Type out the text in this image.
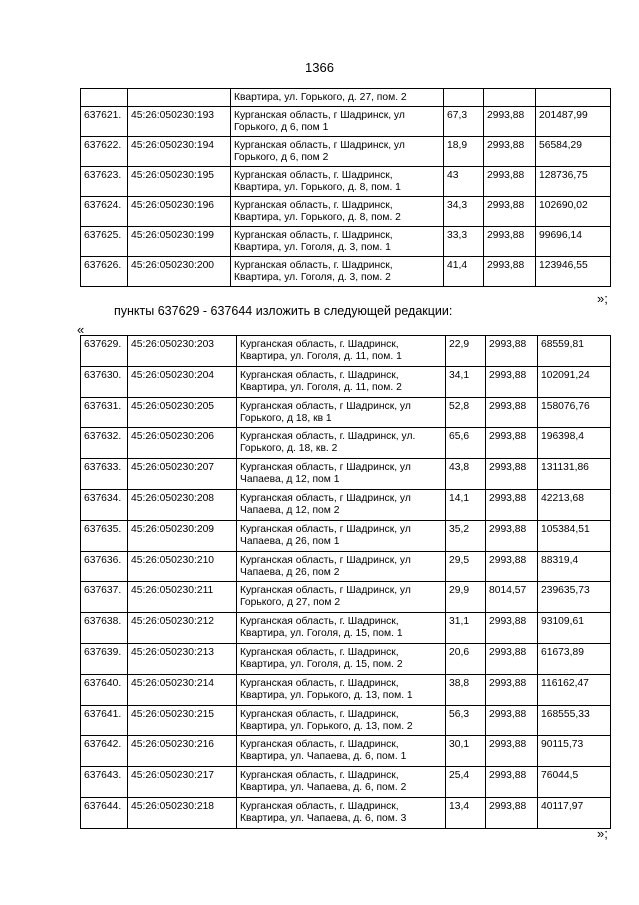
1366
		Квартира, ул. Горького, д. 27, пом. 2			
637621.	45:26:050230:193	Курганская область, г Шадринск, ул Горького, д 6, пом 1	67,3	2993,88	201487,99
637622.	45:26:050230:194	Курганская область, г Шадринск, ул Горького, д 6, пом 2	18,9	2993,88	56584,29
637623.	45:26:050230:195	Курганская область, г. Шадринск, Квартира, ул. Горького, д. 8, пом. 1	43	2993,88	128736,75
637624.	45:26:050230:196	Курганская область, г. Шадринск, Квартира, ул. Горького, д. 8, пом. 2	34,3	2993,88	102690,02
637625.	45:26:050230:199	Курганская область, г. Шадринск, Квартира, ул. Гоголя, д. 3, пом. 1	33,3	2993,88	99696,14
637626.	45:26:050230:200	Курганская область, г. Шадринск, Квартира, ул. Гоголя, д. 3, пом. 2	41,4	2993,88	123946,55
»;
пункты 637629 - 637644 изложить в следующей редакции:
«
637629.	45:26:050230:203	Курганская область, г. Шадринск, Квартира, ул. Гоголя, д. 11, пом. 1	22,9	2993,88	68559,81
637630.	45:26:050230:204	Курганская область, г. Шадринск, Квартира, ул. Гоголя, д. 11, пом. 2	34,1	2993,88	102091,24
637631.	45:26:050230:205	Курганская область, г Шадринск, ул Горького, д 18, кв 1	52,8	2993,88	158076,76
637632.	45:26:050230:206	Курганская область, г. Шадринск, ул. Горького, д. 18, кв. 2	65,6	2993,88	196398,4
637633.	45:26:050230:207	Курганская область, г Шадринск, ул Чапаева, д 12, пом 1	43,8	2993,88	131131,86
637634.	45:26:050230:208	Курганская область, г Шадринск, ул Чапаева, д 12, пом 2	14,1	2993,88	42213,68
637635.	45:26:050230:209	Курганская область, г Шадринск, ул Чапаева, д 26, пом 1	35,2	2993,88	105384,51
637636.	45:26:050230:210	Курганская область, г Шадринск, ул Чапаева, д 26, пом 2	29,5	2993,88	88319,4
637637.	45:26:050230:211	Курганская область, г Шадринск, ул Горького, д 27, пом 2	29,9	8014,57	239635,73
637638.	45:26:050230:212	Курганская область, г. Шадринск, Квартира, ул. Гоголя, д. 15, пом. 1	31,1	2993,88	93109,61
637639.	45:26:050230:213	Курганская область, г. Шадринск, Квартира, ул. Гоголя, д. 15, пом. 2	20,6	2993,88	61673,89
637640.	45:26:050230:214	Курганская область, г. Шадринск, Квартира, ул. Горького, д. 13, пом. 1	38,8	2993,88	116162,47
637641.	45:26:050230:215	Курганская область, г. Шадринск, Квартира, ул. Горького, д. 13, пом. 2	56,3	2993,88	168555,33
637642.	45:26:050230:216	Курганская область, г. Шадринск, Квартира, ул. Чапаева, д. 6, пом. 1	30,1	2993,88	90115,73
637643.	45:26:050230:217	Курганская область, г. Шадринск, Квартира, ул. Чапаева, д. 6, пом. 2	25,4	2993,88	76044,5
637644.	45:26:050230:218	Курганская область, г. Шадринск, Квартира, ул. Чапаева, д. 6, пом. 3	13,4	2993,88	40117,97
»;
